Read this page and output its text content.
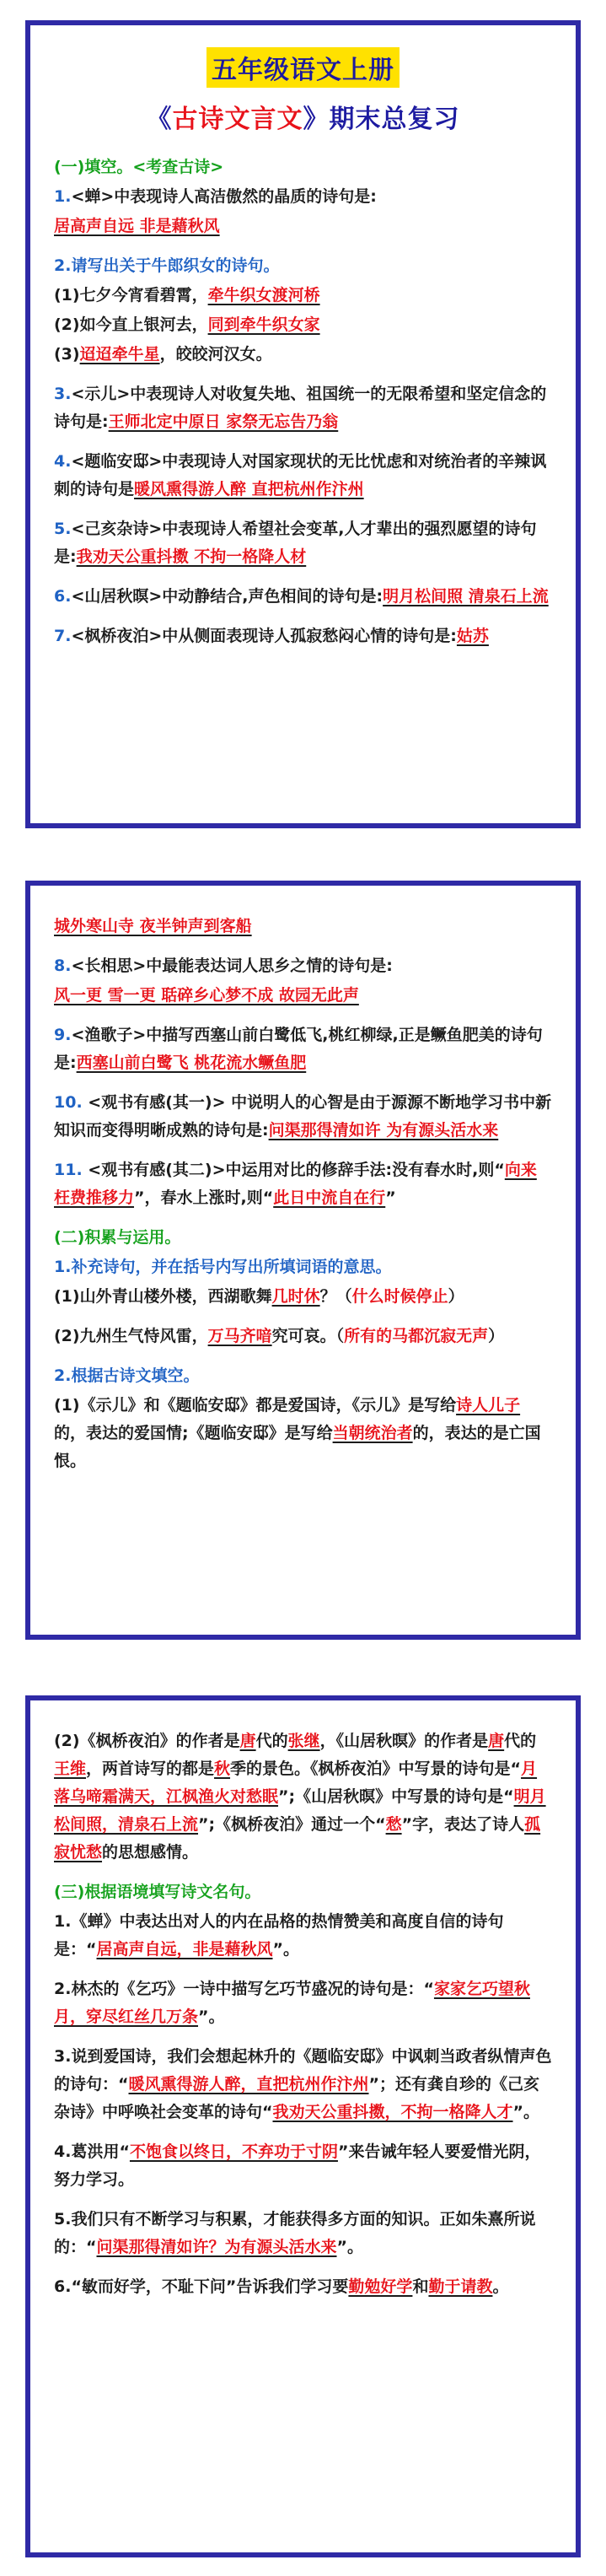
五年级语文上册
《古诗文言文》期末总复习
(一)填空。<考查古诗>
1.<蝉>中表现诗人高洁傲然的晶质的诗句是:
居高声自远 非是藉秋风
2.请写出关于牛郎织女的诗句。
(1)七夕今宵看碧霄，牵牛织女渡河桥
(2)如今直上银河去，同到牵牛织女家
(3)迢迢牵牛星，皎皎河汉女。
3.<示儿>中表现诗人对收复失地、祖国统一的无限希望和坚定信念的诗句是:王师北定中原日 家祭无忘告乃翁
4.<题临安邸>中表现诗人对国家现状的无比忧虑和对统治者的辛辣讽刺的诗句是暖风熏得游人醉 直把杭州作汴州
5.<己亥杂诗>中表现诗人希望社会变革,人才辈出的强烈愿望的诗句是:我劝天公重抖擞 不拘一格降人材
6.<山居秋暝>中动静结合,声色相间的诗句是:明月松间照 清泉石上流
7.<枫桥夜泊>中从侧面表现诗人孤寂愁闷心情的诗句是:姑苏
城外寒山寺 夜半钟声到客船
8.<长相思>中最能表达词人思乡之情的诗句是:
风一更 雪一更 聒碎乡心梦不成 故园无此声
9.<渔歌子>中描写西塞山前白鹭低飞,桃红柳绿,正是鳜鱼肥美的诗句是:西塞山前白鹭飞 桃花流水鳜鱼肥
10. <观书有感(其一)> 中说明人的心智是由于源源不断地学习书中新知识而变得明晰成熟的诗句是:问渠那得清如许 为有源头活水来
11. <观书有感(其二)>中运用对比的修辞手法:没有春水时,则“向来枉费推移力”，春水上涨时,则“此日中流自在行”
(二)积累与运用。
1.补充诗句，并在括号内写出所填词语的意思。
(1)山外青山楼外楼，西湖歌舞几时休？（什么时候停止）
(2)九州生气恃风雷，万马齐喑究可哀。（所有的马都沉寂无声）
2.根据古诗文填空。
(1)《示儿》和《题临安邸》都是爱国诗，《示儿》是写给诗人儿子的，表达的爱国情;《题临安邸》是写给当朝统治者的，表达的是亡国恨。
(2)《枫桥夜泊》的作者是唐代的张继，《山居秋暝》的作者是唐代的王维，两首诗写的都是秋季的景色。《枫桥夜泊》中写景的诗句是“月落乌啼霜满天，江枫渔火对愁眠”;《山居秋暝》中写景的诗句是“明月松间照，清泉石上流”;《枫桥夜泊》通过一个“愁”字，表达了诗人孤寂忧愁的思想感情。
(三)根据语境填写诗文名句。
1.《蝉》中表达出对人的内在品格的热情赞美和高度自信的诗句是：“居高声自远，非是藉秋风”。
2.林杰的《乞巧》一诗中描写乞巧节盛况的诗句是：“家家乞巧望秋月，穿尽红丝几万条”。
3.说到爱国诗，我们会想起林升的《题临安邸》中讽刺当政者纵情声色的诗句：“暖风熏得游人醉，直把杭州作汴州”；还有龚自珍的《己亥杂诗》中呼唤社会变革的诗句“我劝天公重抖擞，不拘一格降人才”。
4.葛洪用“不饱食以终日，不弃功于寸阴”来告诫年轻人要爱惜光阴，努力学习。
5.我们只有不断学习与积累，才能获得多方面的知识。正如朱熹所说的：“问渠那得清如许？为有源头活水来”。
6.“敏而好学，不耻下问”告诉我们学习要勤勉好学和勤于请教。
